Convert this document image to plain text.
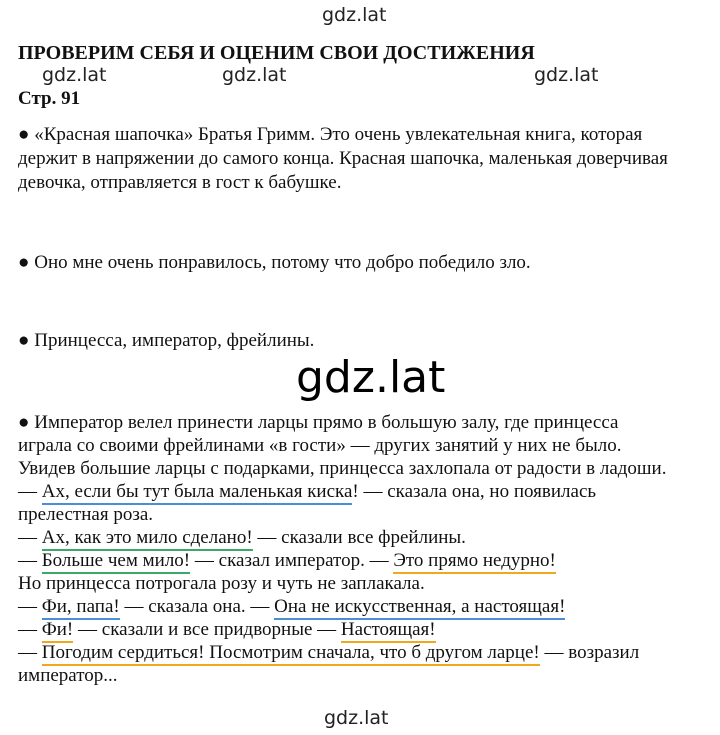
gdz.lat
gdz.lat	gdz.lat	gdz.lat
gdz.lat
gdz.lat
ПРОВЕРИМ СЕБЯ И ОЦЕНИМ СВОИ ДОСТИЖЕНИЯ
Стр. 91
● «Красная шапочка» Братья Гримм. Это очень увлекательная книга, которая
держит в напряжении до самого конца. Красная шапочка, маленькая доверчивая
девочка, отправляется в гост к бабушке.
● Оно мне очень понравилось, потому что добро победило зло.
● Принцесса, император, фрейлины.
● Император велел принести ларцы прямо в большую залу, где принцесса
играла со своими фрейлинами «в гости» — других занятий у них не было.
Увидев большие ларцы с подарками, принцесса захлопала от радости в ладоши.
— Ах, если бы тут была маленькая киска! — сказала она, но появилась
прелестная роза.
— Ах, как это мило сделано! — сказали все фрейлины.
— Больше чем мило! — сказал император. — Это прямо недурно!
Но принцесса потрогала розу и чуть не заплакала.
— Фи, папа! — сказала она. — Она не искусственная, а настоящая!
— Фи! — сказали и все придворные — Настоящая!
— Погодим сердиться! Посмотрим сначала, что б другом ларце! — возразил
император...
